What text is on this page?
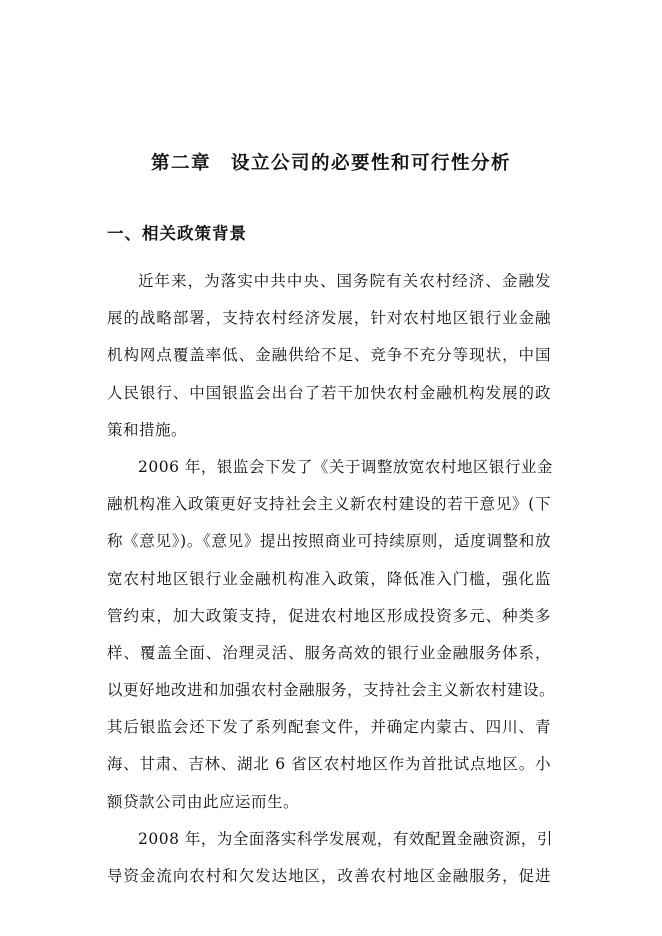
第二章　设立公司的必要性和可行性分析
一、相关政策背景
近年来，为落实中共中央、国务院有关农村经济、金融发
展的战略部署，支持农村经济发展，针对农村地区银行业金融
机构网点覆盖率低、金融供给不足、竞争不充分等现状，中国
人民银行、中国银监会出台了若干加快农村金融机构发展的政
策和措施。
2006 年，银监会下发了《关于调整放宽农村地区银行业金
融机构准入政策更好支持社会主义新农村建设的若干意见》(下
称《意见》)。《意见》提出按照商业可持续原则，适度调整和放
宽农村地区银行业金融机构准入政策，降低准入门槛，强化监
管约束，加大政策支持，促进农村地区形成投资多元、种类多
样、覆盖全面、治理灵活、服务高效的银行业金融服务体系，
以更好地改进和加强农村金融服务，支持社会主义新农村建设。
其后银监会还下发了系列配套文件，并确定内蒙古、四川、青
海、甘肃、吉林、湖北 6 省区农村地区作为首批试点地区。小
额贷款公司由此应运而生。
2008 年，为全面落实科学发展观，有效配置金融资源，引
导资金流向农村和欠发达地区，改善农村地区金融服务，促进
